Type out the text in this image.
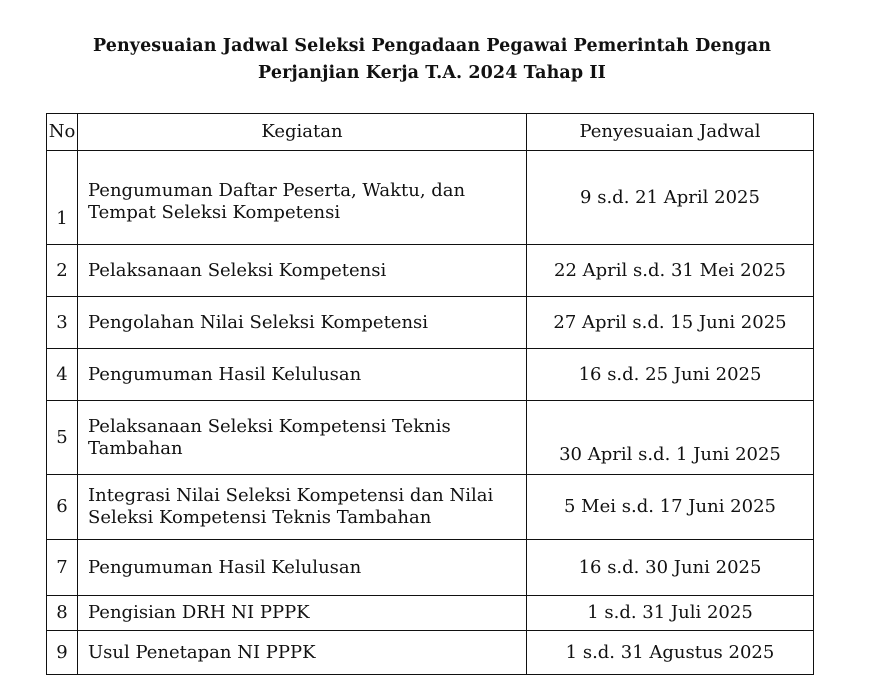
Penyesuaian Jadwal Seleksi Pengadaan Pegawai Pemerintah Dengan
Perjanjian Kerja T.A. 2024 Tahap II
No	Kegiatan	Penyesuaian Jadwal
1	Pengumuman Daftar Peserta, Waktu, dan
Tempat Seleksi Kompetensi	9 s.d. 21 April 2025
2	Pelaksanaan Seleksi Kompetensi	22 April s.d. 31 Mei 2025
3	Pengolahan Nilai Seleksi Kompetensi	27 April s.d. 15 Juni 2025
4	Pengumuman Hasil Kelulusan	16 s.d. 25 Juni 2025
5	Pelaksanaan Seleksi Kompetensi Teknis
Tambahan	30 April s.d. 1 Juni 2025
6	Integrasi Nilai Seleksi Kompetensi dan Nilai
Seleksi Kompetensi Teknis Tambahan	5 Mei s.d. 17 Juni 2025
7	Pengumuman Hasil Kelulusan	16 s.d. 30 Juni 2025
8	Pengisian DRH NI PPPK	1 s.d. 31 Juli 2025
9	Usul Penetapan NI PPPK	1 s.d. 31 Agustus 2025
